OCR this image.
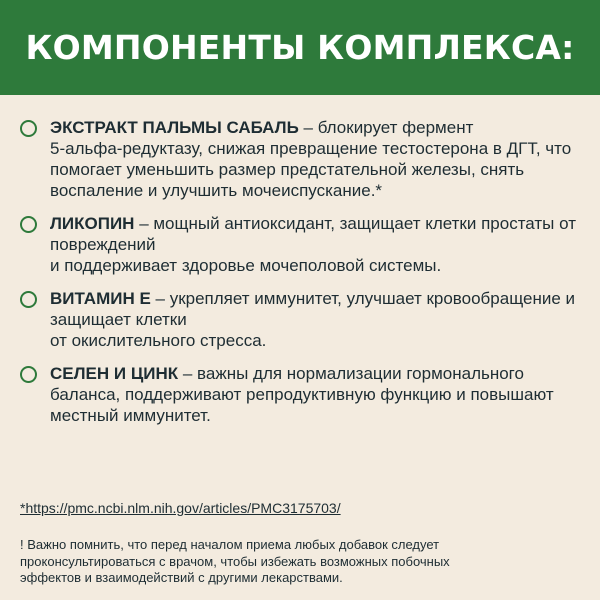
КОМПОНЕНТЫ КОМПЛЕКСА:
ЭКСТРАКТ ПАЛЬМЫ САБАЛЬ – блокирует фермент
5-альфа-редуктазу, снижая превращение тестостерона в ДГТ, что помогает уменьшить размер предстательной железы, снять воспаление и улучшить мочеиспускание.*
ЛИКОПИН – мощный антиоксидант, защищает клетки простаты от повреждений
и поддерживает здоровье мочеполовой системы.
ВИТАМИН Е – укрепляет иммунитет, улучшает кровообращение и защищает клетки
от окислительного стресса.
СЕЛЕН И ЦИНК – важны для нормализации гормонального баланса, поддерживают репродуктивную функцию и повышают
местный иммунитет.
*https://pmc.ncbi.nlm.nih.gov/articles/PMC3175703/
! Важно помнить, что перед началом приема любых добавок следует
проконсультироваться с врачом, чтобы избежать возможных побочных
эффектов и взаимодействий с другими лекарствами.
